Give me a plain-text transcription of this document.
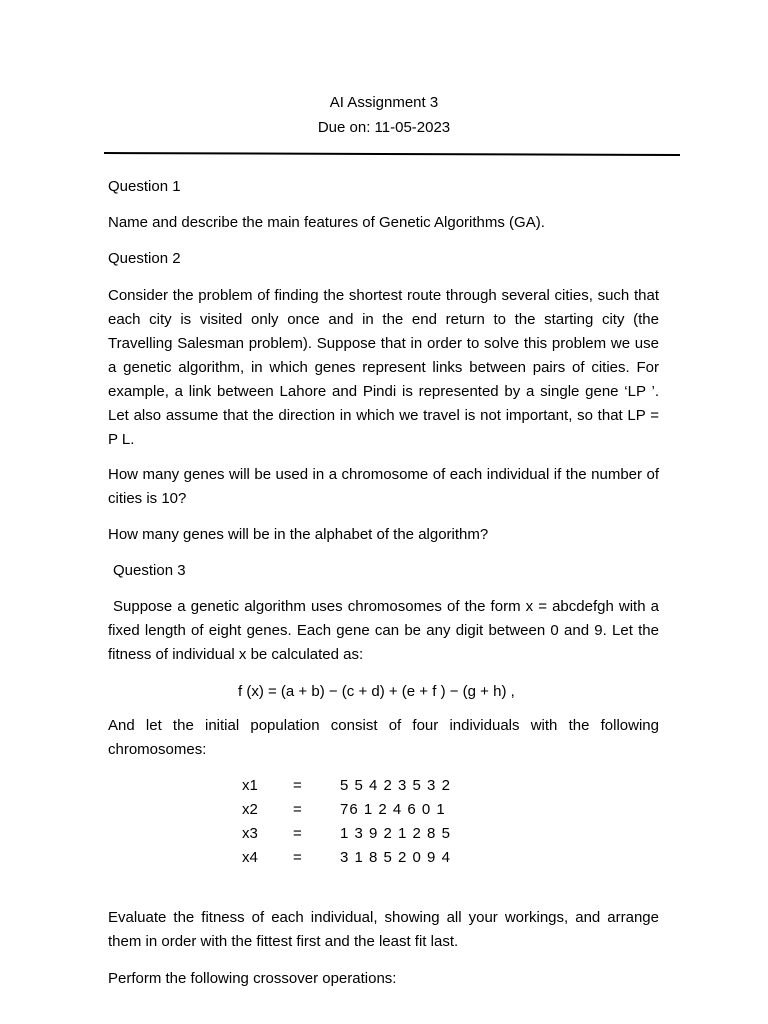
AI Assignment 3
Due on: 11-05-2023
Question 1
Name and describe the main features of Genetic Algorithms (GA).
Question 2
Consider the problem of finding the shortest route through several cities, such that each city is visited only once and in the end return to the starting city (the Travelling Salesman problem). Suppose that in order to solve this problem we use a genetic algorithm, in which genes represent links between pairs of cities. For example, a link between Lahore and Pindi is represented by a single gene ‘LP ’. Let also assume that the direction in which we travel is not important, so that LP = P L.
How many genes will be used in a chromosome of each individual if the number of cities is 10?
How many genes will be in the alphabet of the algorithm?
Question 3
Suppose a genetic algorithm uses chromosomes of the form x = abcdefgh with a fixed length of eight genes. Each gene can be any digit between 0 and 9. Let the fitness of individual x be calculated as:
f (x) = (a + b) − (c + d) + (e + f ) − (g + h) ,
And let the initial population consist of four individuals with the following chromosomes:
x1 =	5 5 4 2 3 5 3 2
x2 =	76 1 2 4 6 0 1
x3 =	1 3 9 2 1 2 8 5
x4 =	3 1 8 5 2 0 9 4
Evaluate the fitness of each individual, showing all your workings, and arrange them in order with the fittest first and the least fit last.
Perform the following crossover operations:
